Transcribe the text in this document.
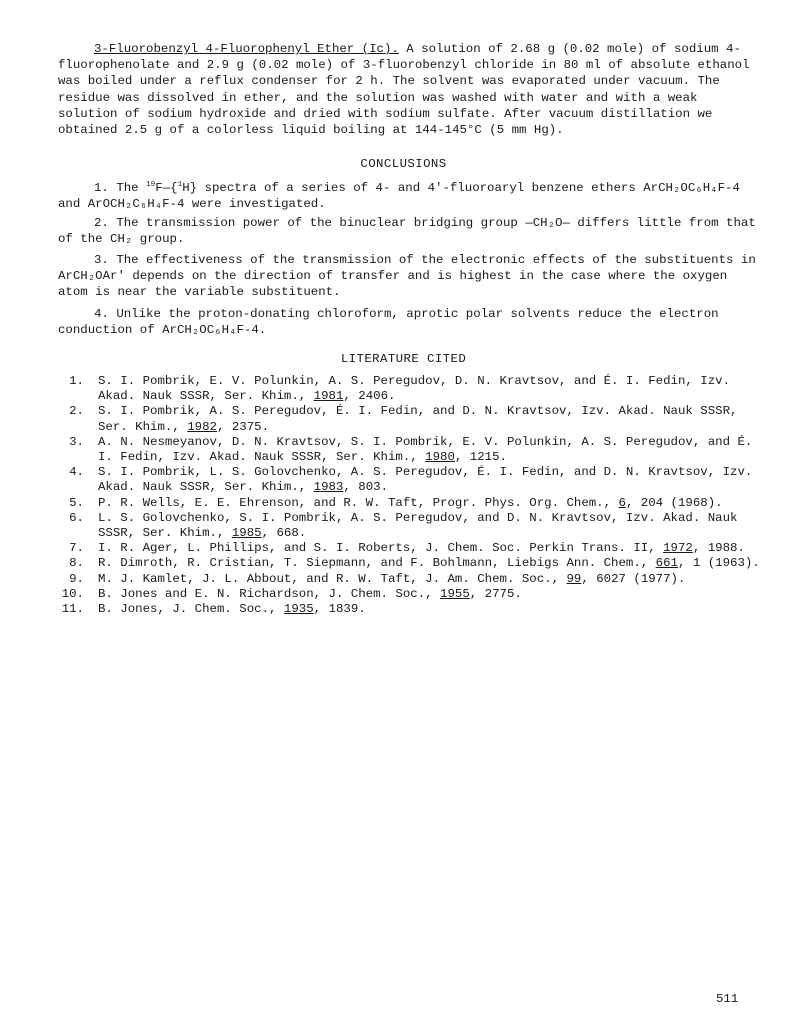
3-Fluorobenzyl 4-Fluorophenyl Ether (Ic). A solution of 2.68 g (0.02 mole) of sodium 4-fluorophenolate and 2.9 g (0.02 mole) of 3-fluorobenzyl chloride in 80 ml of absolute ethanol was boiled under a reflux condenser for 2 h. The solvent was evaporated under vacuum. The residue was dissolved in ether, and the solution was washed with water and with a weak solution of sodium hydroxide and dried with sodium sulfate. After vacuum distillation we obtained 2.5 g of a colorless liquid boiling at 144-145°C (5 mm Hg).

CONCLUSIONS

1. The $^{19}$F—{$^1$H} spectra of a series of 4- and 4'-fluoroaryl benzene ethers ArCH₂OC₆H₄F-4 and ArOCH₂C₆H₄F-4 were investigated.

2. The transmission power of the binuclear bridging group —CH₂O— differs little from that of the CH₂ group.

3. The effectiveness of the transmission of the electronic effects of the substituents in ArCH₂OAr' depends on the direction of transfer and is highest in the case where the oxygen atom is near the variable substituent.

4. Unlike the proton-donating chloroform, aprotic polar solvents reduce the electron conduction of ArCH₂OC₆H₄F-4.

LITERATURE CITED
1. S. I. Pombrik, E. V. Polunkin, A. S. Peregudov, D. N. Kravtsov, and É. I. Fedin, Izv. Akad. Nauk SSSR, Ser. Khim., 1981, 2406.
2. S. I. Pombrik, A. S. Peregudov, É. I. Fedin, and D. N. Kravtsov, Izv. Akad. Nauk SSSR, Ser. Khim., 1982, 2375.
3. A. N. Nesmeyanov, D. N. Kravtsov, S. I. Pombrik, E. V. Polunkin, A. S. Peregudov, and É. I. Fedin, Izv. Akad. Nauk SSSR, Ser. Khim., 1980, 1215.
4. S. I. Pombrik, L. S. Golovchenko, A. S. Peregudov, É. I. Fedin, and D. N. Kravtsov, Izv. Akad. Nauk SSSR, Ser. Khim., 1983, 803.
5. P. R. Wells, E. E. Ehrenson, and R. W. Taft, Progr. Phys. Org. Chem., 6, 204 (1968).
6. L. S. Golovchenko, S. I. Pombrik, A. S. Peregudov, and D. N. Kravtsov, Izv. Akad. Nauk SSSR, Ser. Khim., 1985, 668.
7. I. R. Ager, L. Phillips, and S. I. Roberts, J. Chem. Soc. Perkin Trans. II, 1972, 1988.
8. R. Dimroth, R. Cristian, T. Siepmann, and F. Bohlmann, Liebigs Ann. Chem., 661, 1 (1963).
9. M. J. Kamlet, J. L. Abbout, and R. W. Taft, J. Am. Chem. Soc., 99, 6027 (1977).
10. B. Jones and E. N. Richardson, J. Chem. Soc., 1955, 2775.
11. B. Jones, J. Chem. Soc., 1935, 1839.
511
